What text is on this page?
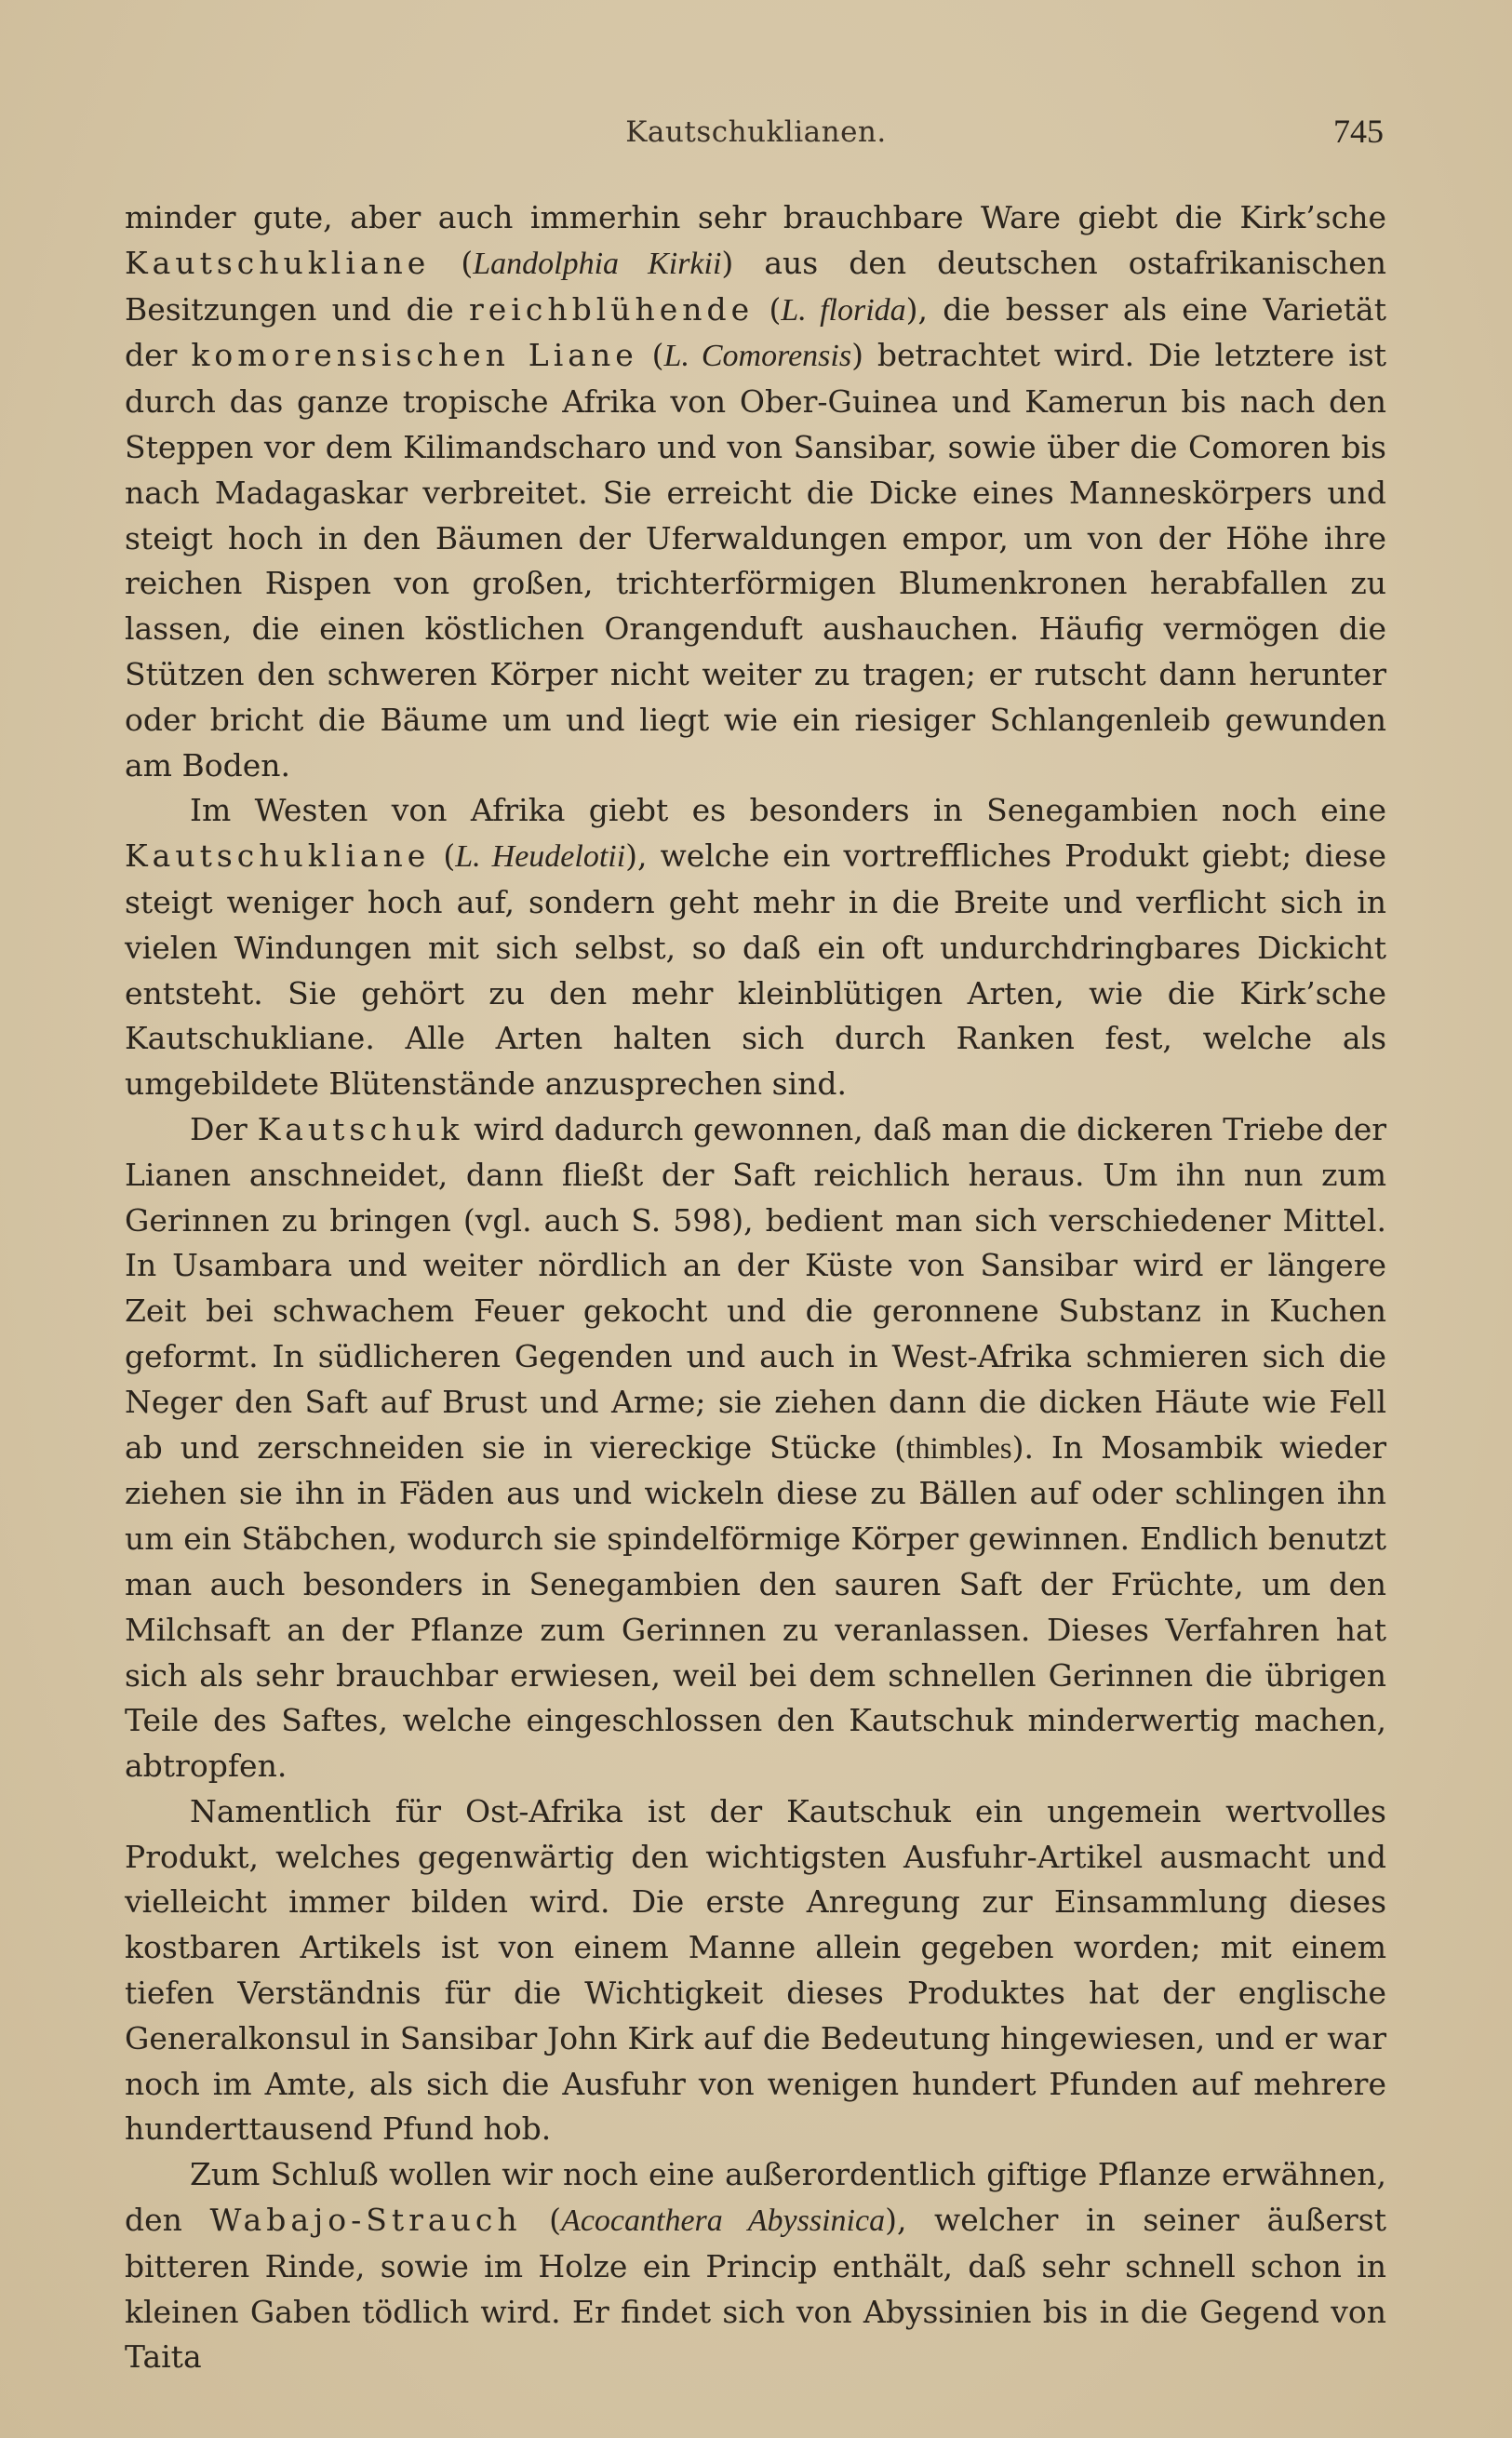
Kautschuklianen.	745

minder gute, aber auch immerhin sehr brauchbare Ware giebt die Kirk’sche Kautschukliane (Landolphia Kirkii) aus den deutschen ostafrikanischen Besitzungen und die reichblühende (L. florida), die besser als eine Varietät der komorensischen Liane (L. Comorensis) betrachtet wird. Die letztere ist durch das ganze tropische Afrika von Ober-Guinea und Kamerun bis nach den Steppen vor dem Kilimandscharo und von Sansibar, sowie über die Comoren bis nach Madagaskar verbreitet. Sie erreicht die Dicke eines Manneskörpers und steigt hoch in den Bäumen der Uferwaldungen empor, um von der Höhe ihre reichen Rispen von großen, trichterförmigen Blumenkronen herabfallen zu lassen, die einen köstlichen Orangenduft aushauchen. Häufig vermögen die Stützen den schweren Körper nicht weiter zu tragen; er rutscht dann herunter oder bricht die Bäume um und liegt wie ein riesiger Schlangenleib gewunden am Boden.

Im Westen von Afrika giebt es besonders in Senegambien noch eine Kautschukliane (L. Heudelotii), welche ein vortreffliches Produkt giebt; diese steigt weniger hoch auf, sondern geht mehr in die Breite und verflicht sich in vielen Windungen mit sich selbst, so daß ein oft undurchdringbares Dickicht entsteht. Sie gehört zu den mehr kleinblütigen Arten, wie die Kirk’sche Kautschukliane. Alle Arten halten sich durch Ranken fest, welche als umgebildete Blütenstände anzusprechen sind.

Der Kautschuk wird dadurch gewonnen, daß man die dickeren Triebe der Lianen anschneidet, dann fließt der Saft reichlich heraus. Um ihn nun zum Gerinnen zu bringen (vgl. auch S. 598), bedient man sich verschiedener Mittel. In Usambara und weiter nördlich an der Küste von Sansibar wird er längere Zeit bei schwachem Feuer gekocht und die geronnene Substanz in Kuchen geformt. In südlicheren Gegenden und auch in West-Afrika schmieren sich die Neger den Saft auf Brust und Arme; sie ziehen dann die dicken Häute wie Fell ab und zerschneiden sie in viereckige Stücke (thimbles). In Mosambik wieder ziehen sie ihn in Fäden aus und wickeln diese zu Bällen auf oder schlingen ihn um ein Stäbchen, wodurch sie spindelförmige Körper gewinnen. Endlich benutzt man auch besonders in Senegambien den sauren Saft der Früchte, um den Milchsaft an der Pflanze zum Gerinnen zu veranlassen. Dieses Verfahren hat sich als sehr brauchbar erwiesen, weil bei dem schnellen Gerinnen die übrigen Teile des Saftes, welche eingeschlossen den Kautschuk minderwertig machen, abtropfen.

Namentlich für Ost-Afrika ist der Kautschuk ein ungemein wertvolles Produkt, welches gegenwärtig den wichtigsten Ausfuhr-Artikel ausmacht und vielleicht immer bilden wird. Die erste Anregung zur Einsammlung dieses kostbaren Artikels ist von einem Manne allein gegeben worden; mit einem tiefen Verständnis für die Wichtigkeit dieses Produktes hat der englische Generalkonsul in Sansibar John Kirk auf die Bedeutung hingewiesen, und er war noch im Amte, als sich die Ausfuhr von wenigen hundert Pfunden auf mehrere hunderttausend Pfund hob.

Zum Schluß wollen wir noch eine außerordentlich giftige Pflanze erwähnen, den Wabajo-Strauch (Acocanthera Abyssinica), welcher in seiner äußerst bitteren Rinde, sowie im Holze ein Princip enthält, daß sehr schnell schon in kleinen Gaben tödlich wird. Er findet sich von Abyssinien bis in die Gegend von Taita
